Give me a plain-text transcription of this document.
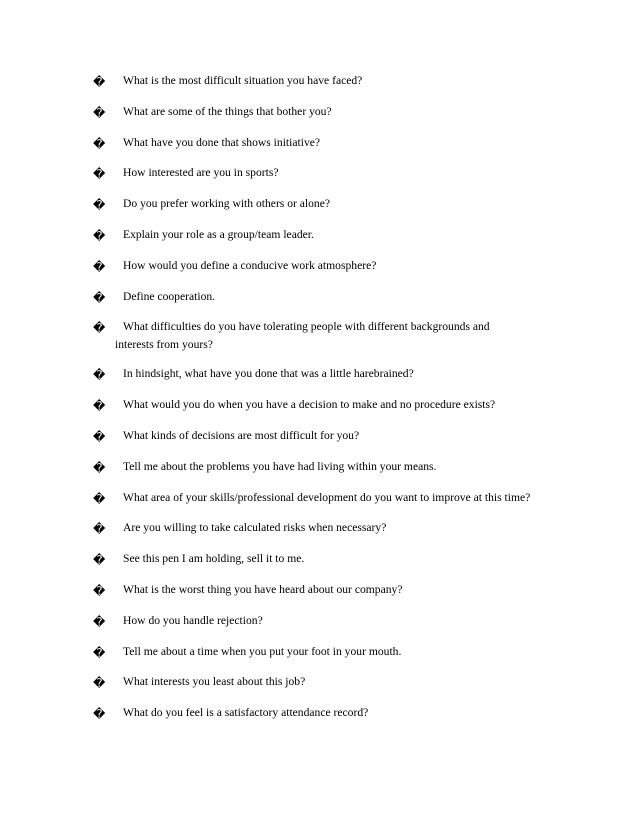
� What is the most difficult situation you have faced?
� What are some of the things that bother you?
� What have you done that shows initiative?
� How interested are you in sports?
� Do you prefer working with others or alone?
� Explain your role as a group/team leader.
� How would you define a conducive work atmosphere?
� Define cooperation.
� What difficulties do you have tolerating people with different backgrounds and
interests from yours?
� In hindsight, what have you done that was a little harebrained?
� What would you do when you have a decision to make and no procedure exists?
� What kinds of decisions are most difficult for you?
� Tell me about the problems you have had living within your means.
� What area of your skills/professional development do you want to improve at this time?
� Are you willing to take calculated risks when necessary?
� See this pen I am holding, sell it to me.
� What is the worst thing you have heard about our company?
� How do you handle rejection?
� Tell me about a time when you put your foot in your mouth.
� What interests you least about this job?
� What do you feel is a satisfactory attendance record?
